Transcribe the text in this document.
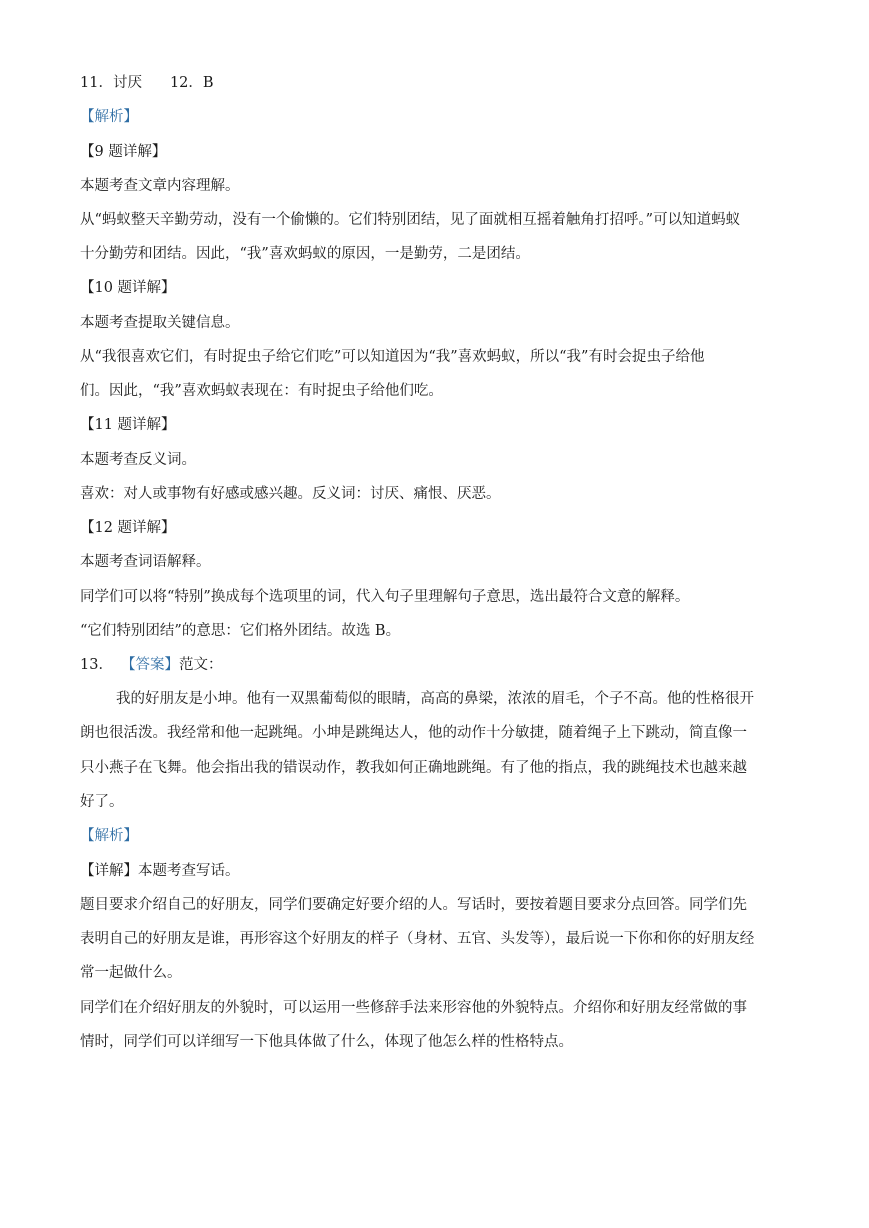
11．讨厌 12．B
【解析】
【9 题详解】
本题考查文章内容理解。
从“蚂蚁整天辛勤劳动，没有一个偷懒的。它们特别团结，见了面就相互摇着触角打招呼。”可以知道蚂蚁
十分勤劳和团结。因此，“我”喜欢蚂蚁的原因，一是勤劳，二是团结。
【10 题详解】
本题考查提取关键信息。
从“我很喜欢它们，有时捉虫子给它们吃”可以知道因为“我”喜欢蚂蚁，所以“我”有时会捉虫子给他
们。因此，“我”喜欢蚂蚁表现在：有时捉虫子给他们吃。
【11 题详解】
本题考查反义词。
喜欢：对人或事物有好感或感兴趣。反义词：讨厌、痛恨、厌恶。
【12 题详解】
本题考查词语解释。
同学们可以将“特别”换成每个选项里的词，代入句子里理解句子意思，选出最符合文意的解释。
“它们特别团结”的意思：它们格外团结。故选 B。
13． 【答案】范文：
我的好朋友是小坤。他有一双黑葡萄似的眼睛，高高的鼻梁，浓浓的眉毛，个子不高。他的性格很开
朗也很活泼。我经常和他一起跳绳。小坤是跳绳达人，他的动作十分敏捷，随着绳子上下跳动，简直像一
只小燕子在飞舞。他会指出我的错误动作，教我如何正确地跳绳。有了他的指点，我的跳绳技术也越来越
好了。
【解析】
【详解】本题考查写话。
题目要求介绍自己的好朋友，同学们要确定好要介绍的人。写话时，要按着题目要求分点回答。同学们先
表明自己的好朋友是谁，再形容这个好朋友的样子（身材、五官、头发等），最后说一下你和你的好朋友经
常一起做什么。
同学们在介绍好朋友的外貌时，可以运用一些修辞手法来形容他的外貌特点。介绍你和好朋友经常做的事
情时，同学们可以详细写一下他具体做了什么，体现了他怎么样的性格特点。
